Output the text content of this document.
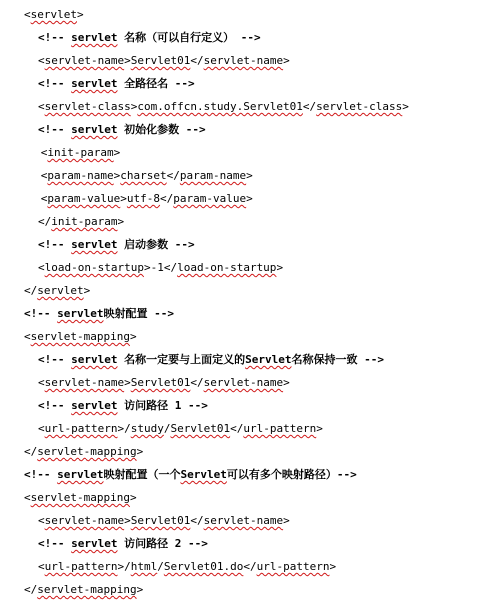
<servlet>
<!-- servlet 名称（可以自行定义） -->
<servlet-name>Servlet01</servlet-name>
<!-- servlet 全路径名 -->
<servlet-class>com.offcn.study.Servlet01</servlet-class>
<!-- servlet 初始化参数 -->
<init-param>
<param-name>charset</param-name>
<param-value>utf-8</param-value>
</init-param>
<!-- servlet 启动参数 -->
<load-on-startup>-1</load-on-startup>
</servlet>
<!-- servlet映射配置 -->
<servlet-mapping>
<!-- servlet 名称一定要与上面定义的Servlet名称保持一致 -->
<servlet-name>Servlet01</servlet-name>
<!-- servlet 访问路径 1 -->
<url-pattern>/study/Servlet01</url-pattern>
</servlet-mapping>
<!-- servlet映射配置（一个Servlet可以有多个映射路径）-->
<servlet-mapping>
<servlet-name>Servlet01</servlet-name>
<!-- servlet 访问路径 2 -->
<url-pattern>/html/Servlet01.do</url-pattern>
</servlet-mapping>
